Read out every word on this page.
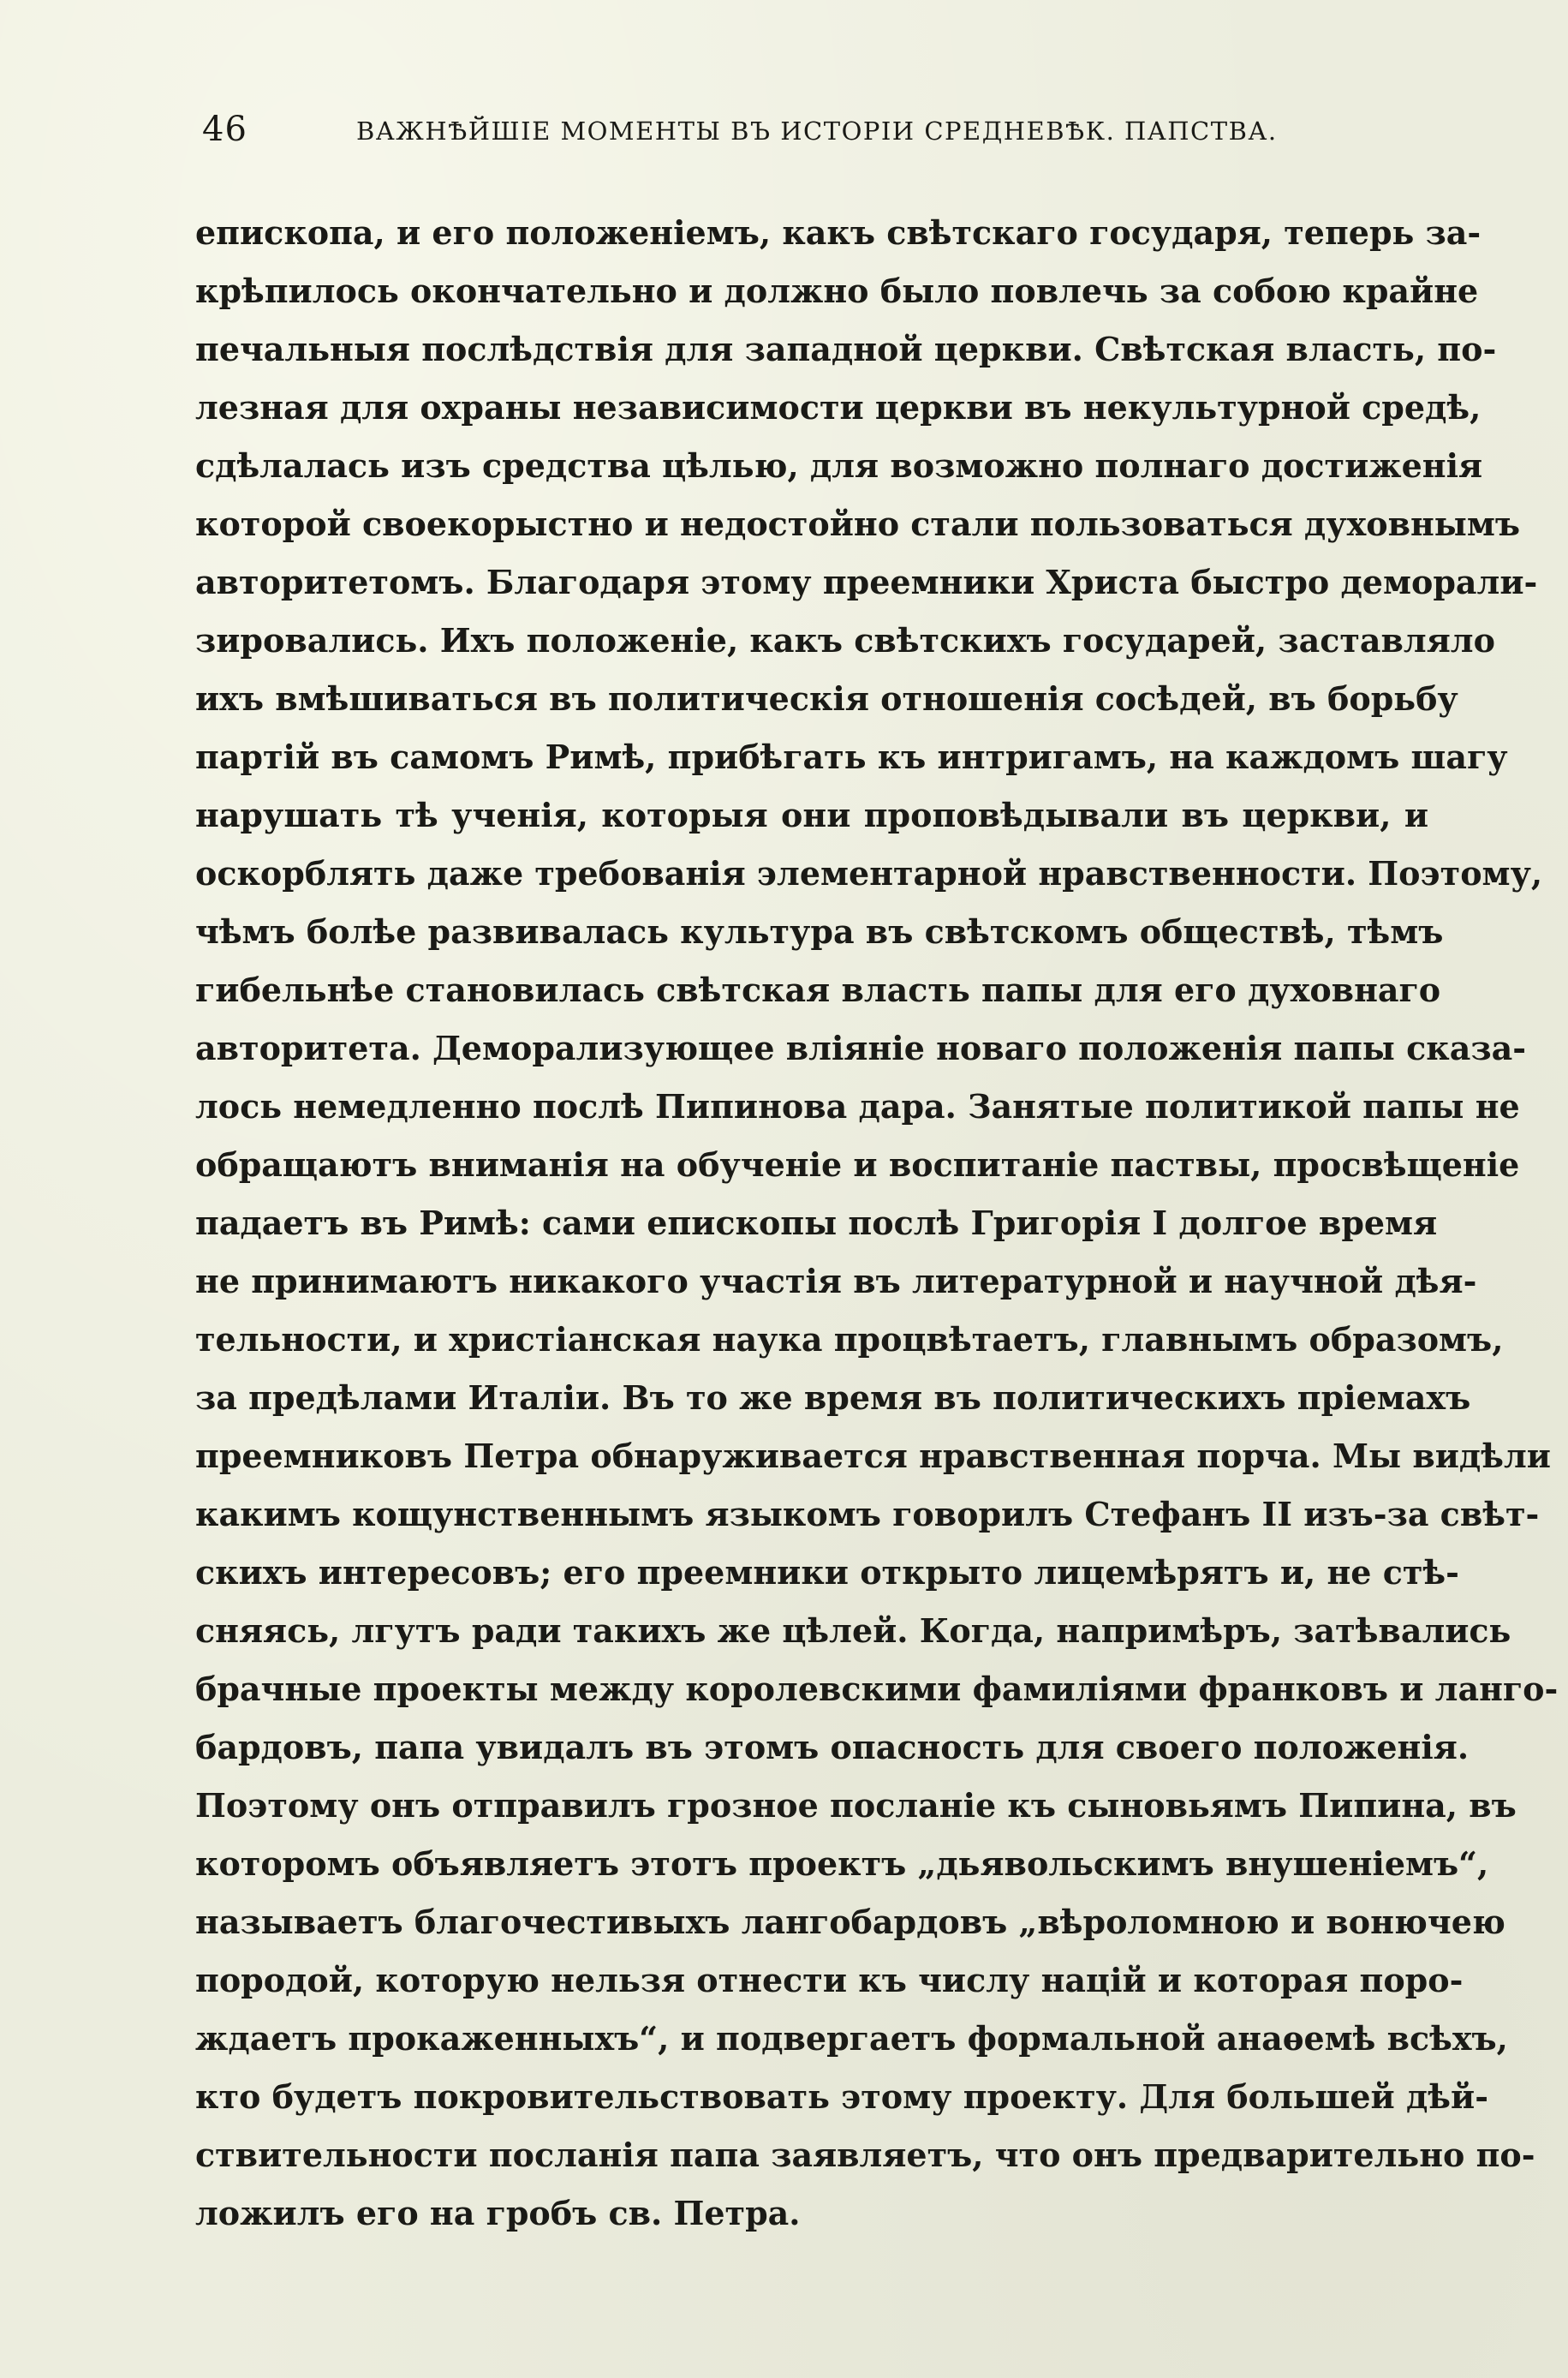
46	ВАЖНѢЙШІЕ МОМЕНТЫ ВЪ ИСТОРІИ СРЕДНЕВѢК. ПАПСТВА.
епископа, и его положеніемъ, какъ свѣтскаго государя, теперь за-
крѣпилось окончательно и должно было повлечь за собою крайне
печальныя послѣдствія для западной церкви. Свѣтская власть, по-
лезная для охраны независимости церкви въ некультурной средѣ,
сдѣлалась изъ средства цѣлью, для возможно полнаго достиженія
которой своекорыстно и недостойно стали пользоваться духовнымъ
авторитетомъ. Благодаря этому преемники Христа быстро деморали-
зировались. Ихъ положеніе, какъ свѣтскихъ государей, заставляло
ихъ вмѣшиваться въ политическія отношенія сосѣдей, въ борьбу
партій въ самомъ Римѣ, прибѣгать къ интригамъ, на каждомъ шагу
нарушать тѣ ученія, которыя они проповѣдывали въ церкви, и
оскорблять даже требованія элементарной нравственности. Поэтому,
чѣмъ болѣе развивалась культура въ свѣтскомъ обществѣ, тѣмъ
гибельнѣе становилась свѣтская власть папы для его духовнаго
авторитета. Деморализующее вліяніе новаго положенія папы сказа-
лось немедленно послѣ Пипинова дара. Занятые политикой папы не
обращаютъ вниманія на обученіе и воспитаніе паствы, просвѣщеніе
падаетъ въ Римѣ: сами епископы послѣ Григорія I долгое время
не принимаютъ никакого участія въ литературной и научной дѣя-
тельности, и христіанская наука процвѣтаетъ, главнымъ образомъ,
за предѣлами Италіи. Въ то же время въ политическихъ пріемахъ
преемниковъ Петра обнаруживается нравственная порча. Мы видѣли
какимъ кощунственнымъ языкомъ говорилъ Стефанъ II изъ-за свѣт-
скихъ интересовъ; его преемники открыто лицемѣрятъ и, не стѣ-
сняясь, лгутъ ради такихъ же цѣлей. Когда, напримѣръ, затѣвались
брачные проекты между королевскими фамиліями франковъ и ланго-
бардовъ, папа увидалъ въ этомъ опасность для своего положенія.
Поэтому онъ отправилъ грозное посланіе къ сыновьямъ Пипина, въ
которомъ объявляетъ этотъ проектъ „дьявольскимъ внушеніемъ“,
называетъ благочестивыхъ лангобардовъ „вѣроломною и вонючею
породой, которую нельзя отнести къ числу націй и которая поро-
ждаетъ прокаженныхъ“, и подвергаетъ формальной анаѳемѣ всѣхъ,
кто будетъ покровительствовать этому проекту. Для большей дѣй-
ствительности посланія папа заявляетъ, что онъ предварительно по-
ложилъ его на гробъ св. Петра.
